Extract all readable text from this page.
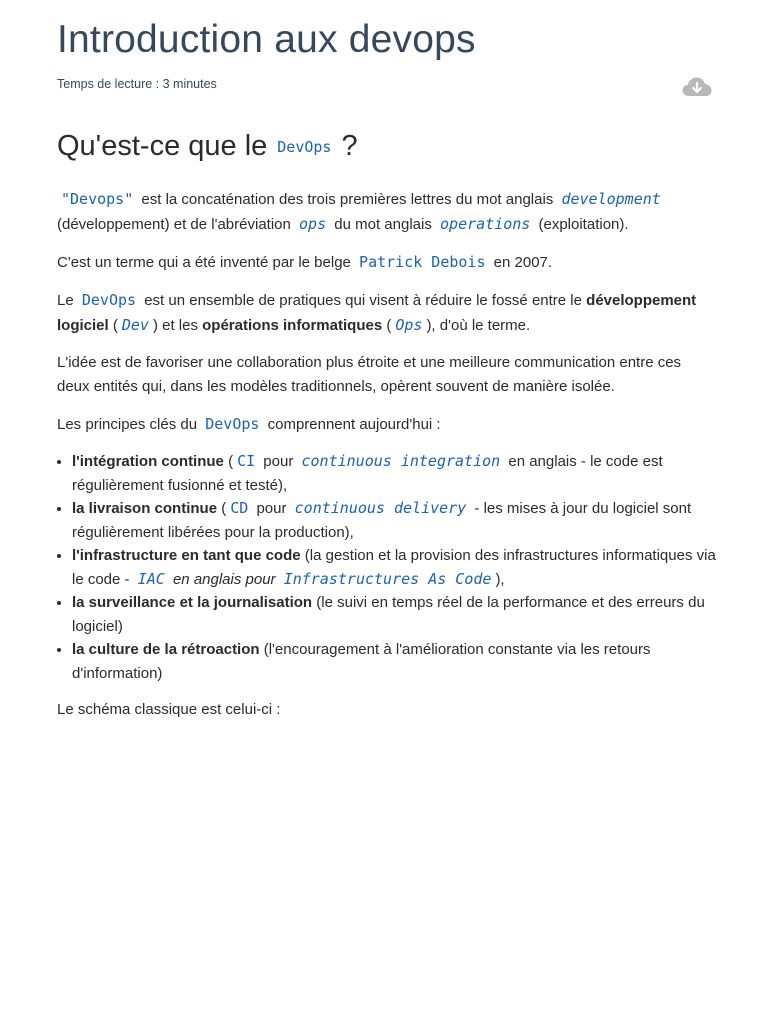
Introduction aux devops
Temps de lecture : 3 minutes
Qu'est-ce que le DevOps ?

"Devops" est la concaténation des trois premières lettres du mot anglais development (développement) et de l'abréviation ops du mot anglais operations (exploitation).

C'est un terme qui a été inventé par le belge Patrick Debois en 2007.

Le DevOps est un ensemble de pratiques qui visent à réduire le fossé entre le développement logiciel ( Dev ) et les opérations informatiques ( Ops ), d'où le terme.

L'idée est de favoriser une collaboration plus étroite et une meilleure communication entre ces deux entités qui, dans les modèles traditionnels, opèrent souvent de manière isolée.

Les principes clés du DevOps comprennent aujourd'hui :

• l'intégration continue ( CI pour continuous integration en anglais - le code est régulièrement fusionné et testé),
• la livraison continue ( CD pour continuous delivery - les mises à jour du logiciel sont régulièrement libérées pour la production),
• l'infrastructure en tant que code (la gestion et la provision des infrastructures informatiques via le code - IAC en anglais pour Infrastructures As Code ),
• la surveillance et la journalisation (le suivi en temps réel de la performance et des erreurs du logiciel)
• la culture de la rétroaction (l'encouragement à l'amélioration constante via les retours d'information)

Le schéma classique est celui-ci :
